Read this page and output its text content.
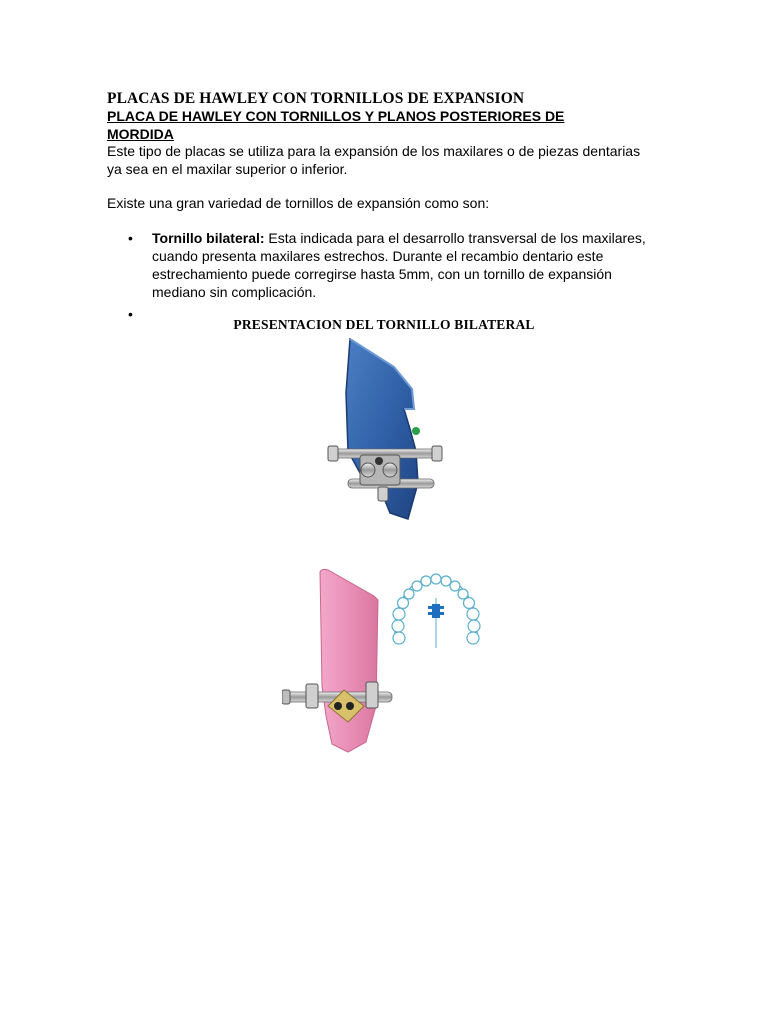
PLACAS DE HAWLEY CON TORNILLOS DE EXPANSION
PLACA DE HAWLEY CON TORNILLOS Y PLANOS POSTERIORES DE MORDIDA
Este tipo de placas se utiliza para la expansión de los maxilares o de piezas dentarias ya sea en el maxilar superior o inferior.
Existe una gran variedad de tornillos de expansión como son:
• Tornillo bilateral: Esta indicada para el desarrollo transversal de los maxilares, cuando presenta maxilares estrechos. Durante el recambio dentario este estrechamiento puede corregirse hasta 5mm, con un tornillo de expansión mediano sin complicación.
•
PRESENTACION DEL TORNILLO BILATERAL
